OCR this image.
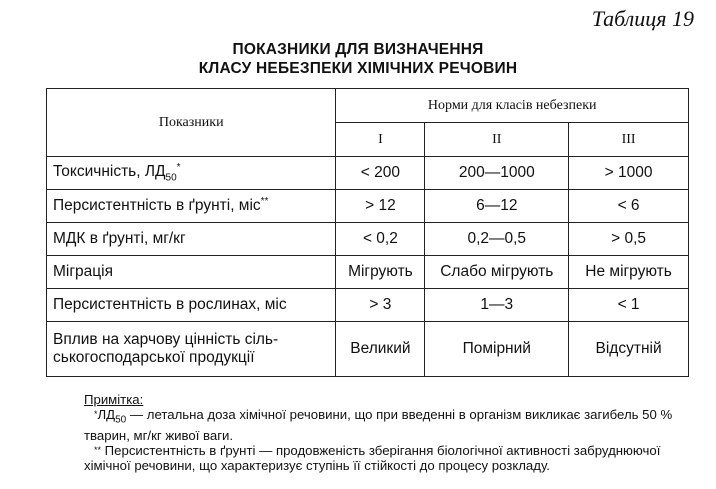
Таблиця 19
ПОКАЗНИКИ ДЛЯ ВИЗНАЧЕННЯ
КЛАСУ НЕБЕЗПЕКИ ХІМІЧНИХ РЕЧОВИН
Показники	Норми для класів небезпеки		
	I	II	III
Токсичність, $ЛД_{50}^*$	< 200	200—1000	> 1000
Персистентність в ґрунті, міс**	> 12	6—12	< 6
МДК в ґрунті, мг/кг	< 0,2	0,2—0,5	> 0,5
Міграція	Мігрують	Слабо мігрують	Не мігрують
Персистентність в рослинах, міс	> 3	1—3	< 1

Вплив на харчову цінність сіль-
ськогосподарської продукції	Великий	Помірний	Відсутній

Примітка:

$^*ЛД_{50}$ — летальна доза хімічної речовини, що при введенні в організм викликає загибель 50 % тварин, мг/кг живої ваги.

** Персистентність в ґрунті — продовженість зберігання біологічної активності забруднюючої хімічної речовини, що характеризує ступінь її стійкості до процесу розкладу.
